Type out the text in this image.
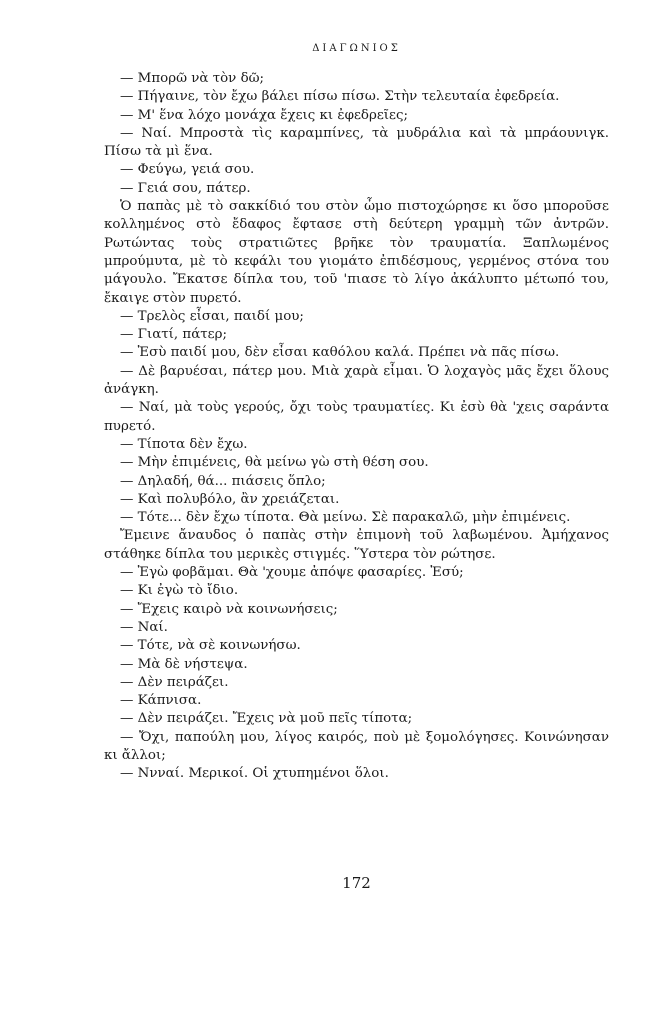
ΔΙΑΓΩΝΙΟΣ

— Μπορῶ νὰ τὸν δῶ;

— Πήγαινε, τὸν ἔχω βάλει πίσω πίσω. Στὴν τελευταία ἐφεδρεία.

— Μ' ἕνα λόχο μονάχα ἔχεις κι ἐφεδρεῖες;

— Ναί. Μπροστὰ τὶς καραμπίνες, τὰ μυδράλια καὶ τὰ μπράουνιγκ. Πίσω τὰ μὶ ἕνα.

— Φεύγω, γειά σου.

— Γειά σου, πάτερ.

Ὁ παπὰς μὲ τὸ σακκίδιό του στὸν ὦμο πιστοχώρησε κι ὅσο μποροῦσε κολλημένος στὸ ἔδαφος ἔφτασε στὴ δεύτερη γραμμὴ τῶν ἀντρῶν. Ρωτώντας τοὺς στρατιῶτες βρῆκε τὸν τραυματία. Ξαπλωμένος μπρούμυτα, μὲ τὸ κεφάλι του γιομάτο ἐπιδέσμους, γερμένος στόνα του μάγουλο. Ἔκατσε δίπλα του, τοῦ 'πιασε τὸ λίγο ἀκάλυπτο μέτωπό του, ἔκαιγε στὸν πυρετό.

— Τρελὸς εἶσαι, παιδί μου;

— Γιατί, πάτερ;

— Ἐσὺ παιδί μου, δὲν εἶσαι καθόλου καλά. Πρέπει νὰ πᾶς πίσω.

— Δὲ βαρυέσαι, πάτερ μου. Μιὰ χαρὰ εἶμαι. Ὁ λοχαγὸς μᾶς ἔχει ὅλους ἀνάγκη.

— Ναί, μὰ τοὺς γερούς, ὄχι τοὺς τραυματίες. Κι ἐσὺ θὰ 'χεις σαράντα πυρετό.

— Τίποτα δὲν ἔχω.

— Μὴν ἐπιμένεις, θὰ μείνω γὼ στὴ θέση σου.

— Δηλαδή, θά... πιάσεις ὅπλο;

— Καὶ πολυβόλο, ἂν χρειάζεται.

— Τότε... δὲν ἔχω τίποτα. Θὰ μείνω. Σὲ παρακαλῶ, μὴν ἐπιμένεις.

Ἔμεινε ἄναυδος ὁ παπὰς στὴν ἐπιμονὴ τοῦ λαβωμένου. Ἀμήχανος στάθηκε δίπλα του μερικὲς στιγμές. Ὕστερα τὸν ρώτησε.

— Ἐγὼ φοβᾶμαι. Θὰ 'χουμε ἀπόψε φασαρίες. Ἐσύ;

— Κι ἐγὼ τὸ ἴδιο.

— Ἔχεις καιρὸ νὰ κοινωνήσεις;

— Ναί.

— Τότε, νὰ σὲ κοινωνήσω.

— Μὰ δὲ νήστεψα.

— Δὲν πειράζει.

— Κάπνισα.

— Δὲν πειράζει. Ἔχεις νὰ μοῦ πεῖς τίποτα;

— Ὄχι, παπούλη μου, λίγος καιρός, ποὺ μὲ ξομολόγησες. Κοινώνησαν κι ἄλλοι;

— Ννναί. Μερικοί. Οἱ χτυπημένοι ὅλοι.

172
